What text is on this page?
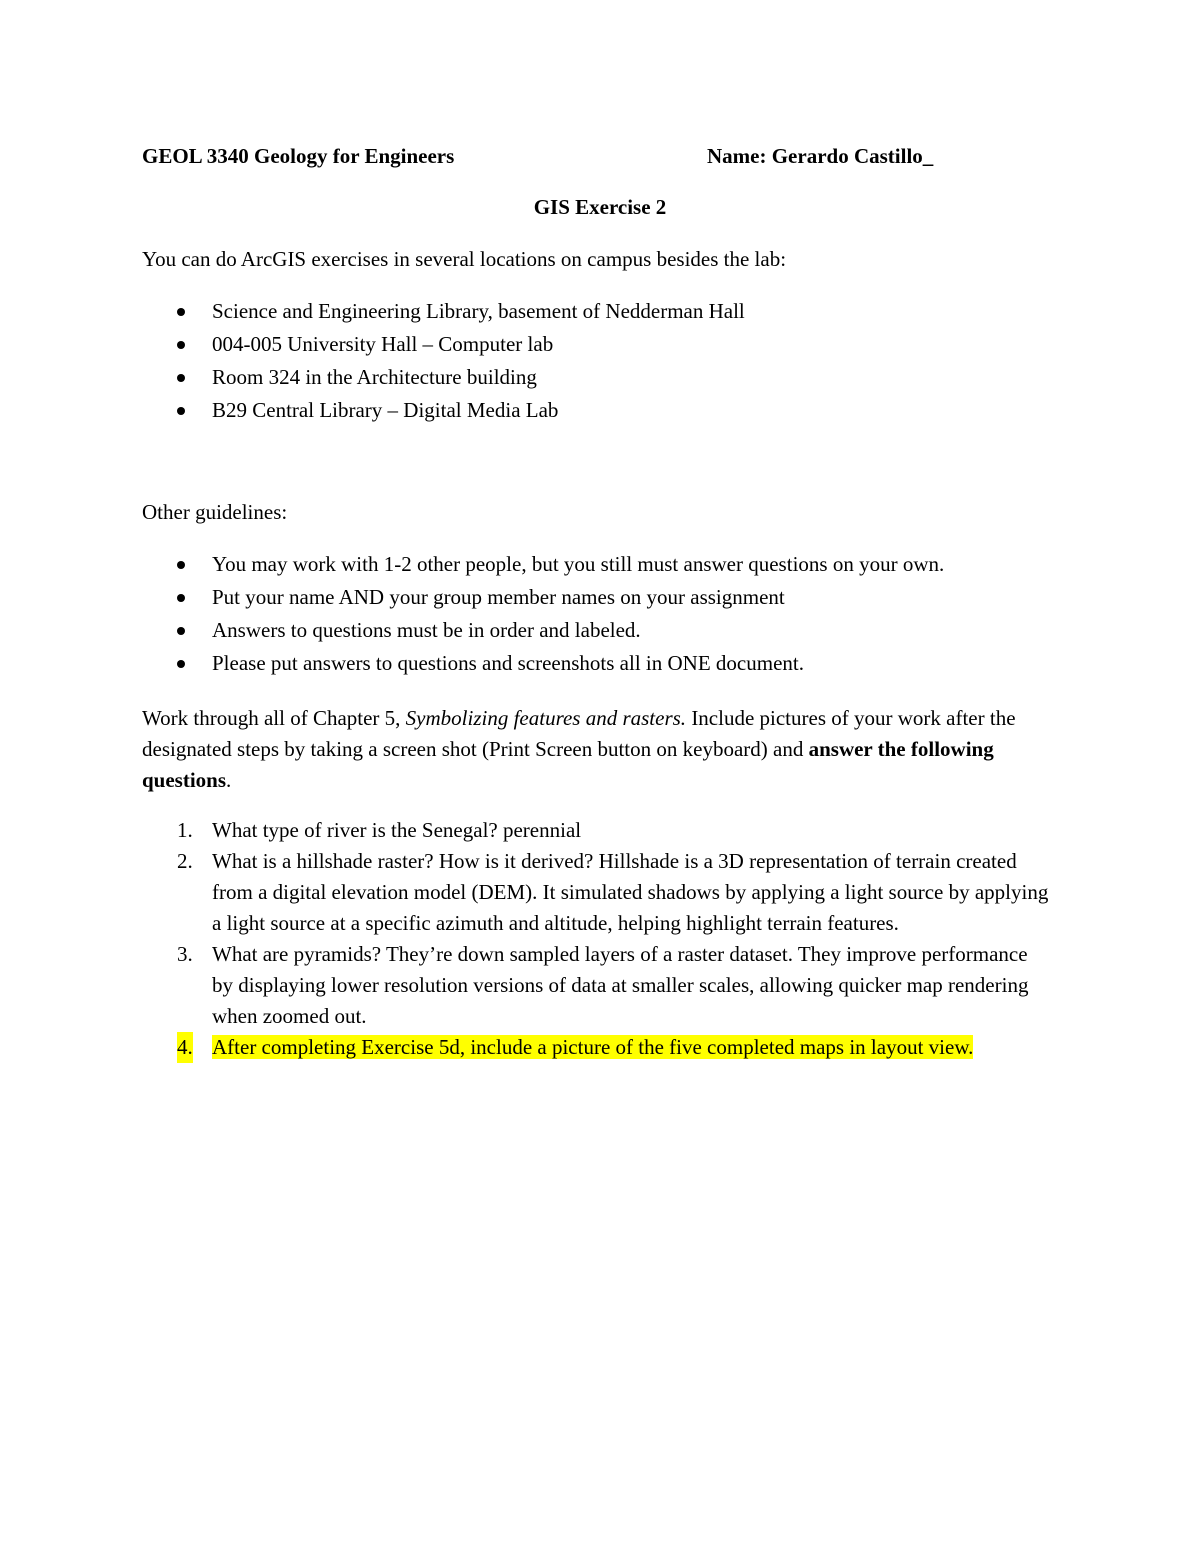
GEOL 3340 Geology for Engineers	Name: Gerardo Castillo_
GIS Exercise 2
You can do ArcGIS exercises in several locations on campus besides the lab:
Science and Engineering Library, basement of Nedderman Hall
004-005 University Hall – Computer lab
Room 324 in the Architecture building
B29 Central Library – Digital Media Lab
Other guidelines:
You may work with 1-2 other people, but you still must answer questions on your own.
Put your name AND your group member names on your assignment
Answers to questions must be in order and labeled.
Please put answers to questions and screenshots all in ONE document.
Work through all of Chapter 5, Symbolizing features and rasters. Include pictures of your work after the designated steps by taking a screen shot (Print Screen button on keyboard) and answer the following questions.
1. What type of river is the Senegal? perennial
2. What is a hillshade raster? How is it derived? Hillshade is a 3D representation of terrain created from a digital elevation model (DEM). It simulated shadows by applying a light source by applying a light source at a specific azimuth and altitude, helping highlight terrain features.
3. What are pyramids? They’re down sampled layers of a raster dataset. They improve performance by displaying lower resolution versions of data at smaller scales, allowing quicker map rendering when zoomed out.
4. After completing Exercise 5d, include a picture of the five completed maps in layout view.
